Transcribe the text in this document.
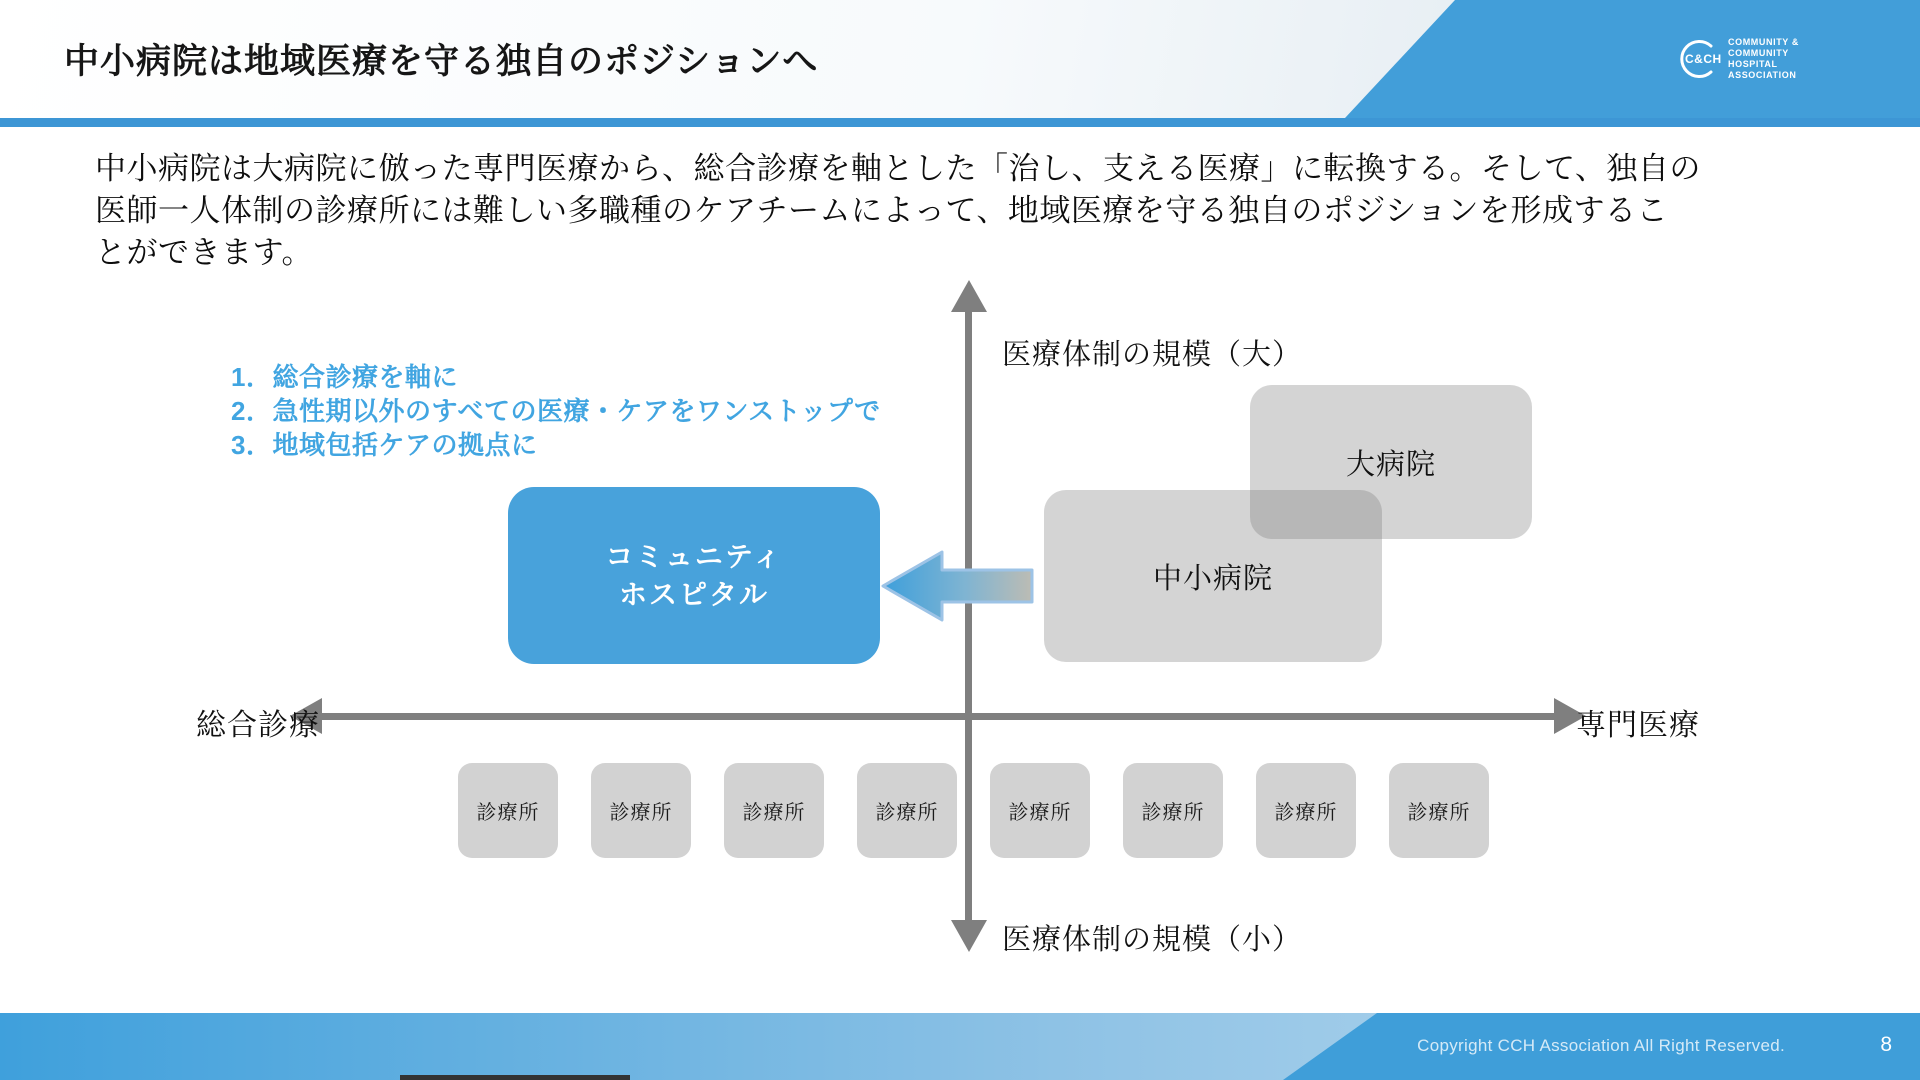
C&CH
COMMUNITY &
COMMUNITY
HOSPITAL
ASSOCIATION
中小病院は地域医療を守る独自のポジションへ
中小病院は大病院に倣った専門医療から、総合診療を軸とした「治し、支える医療」に転換する。そして、独自の
医師一人体制の診療所には難しい多職種のケアチームによって、地域医療を守る独自のポジションを形成するこ
とができます。
1．総合診療を軸に
2．急性期以外のすべての医療・ケアをワンストップで
3．地域包括ケアの拠点に
医療体制の規模（大）
医療体制の規模（小）
総合診療	専門医療
大病院
中小病院
コミュニティ
ホスピタル
診療所	診療所	診療所	診療所	診療所	診療所	診療所	診療所
Copyright CCH Association All Right Reserved.	8
